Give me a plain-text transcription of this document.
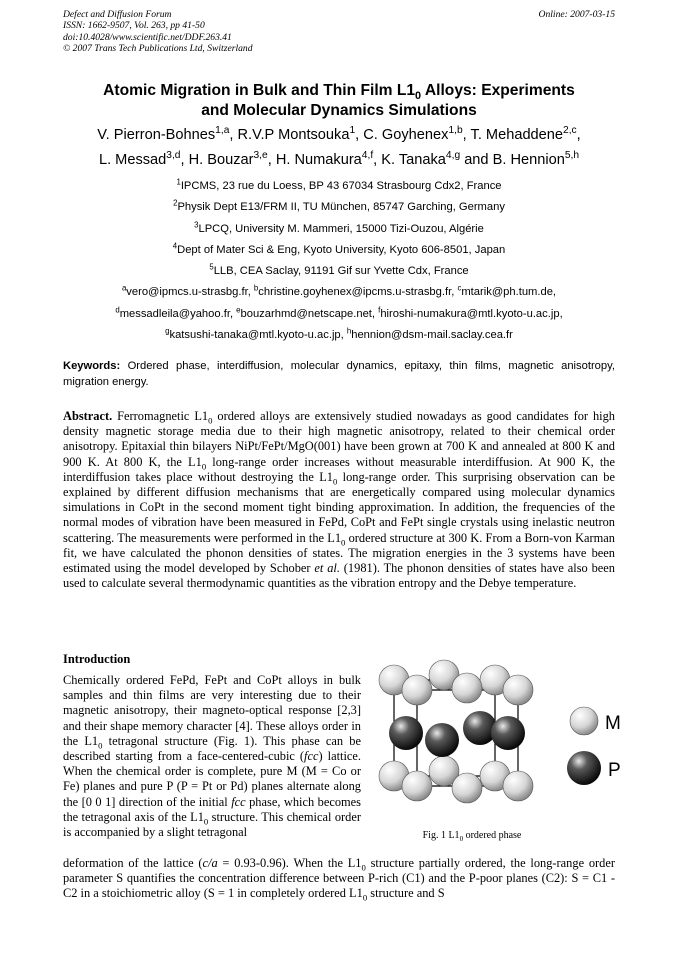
Defect and Diffusion Forum
ISSN: 1662-9507, Vol. 263, pp 41-50
doi:10.4028/www.scientific.net/DDF.263.41
© 2007 Trans Tech Publications Ltd, Switzerland
Online: 2007-03-15
Atomic Migration in Bulk and Thin Film $L1_0$ Alloys: Experiments
and Molecular Dynamics Simulations
V. Pierron-Bohnes$^{1,a}$, R.V.P Montsouka$^1$, C. Goyhenex$^{1,b}$, T. Mehaddene$^{2,c}$,
L. Messad$^{3,d}$, H. Bouzar$^{3,e}$, H. Numakura$^{4,f}$, K. Tanaka$^{4,g}$ and B. Hennion$^{5,h}$
$^1$IPCMS, 23 rue du Loess, BP 43 67034 Strasbourg Cdx2, France
$^2$Physik Dept E13/FRM II, TU München, 85747 Garching, Germany
$^3$LPCQ, University M. Mammeri, 15000 Tizi-Ouzou, Algérie
$^4$Dept of Mater Sci & Eng, Kyoto University, Kyoto 606-8501, Japan
$^5$LLB, CEA Saclay, 91191 Gif sur Yvette Cdx, France
$^a$vero@ipmcs.u-strasbg.fr, $^b$christine.goyhenex@ipcms.u-strasbg.fr, $^c$mtarik@ph.tum.de,
$^d$messadleila@yahoo.fr, $^e$bouzarhmd@netscape.net, $^f$hiroshi-numakura@mtl.kyoto-u.ac.jp,
$^g$katsushi-tanaka@mtl.kyoto-u.ac.jp, $^h$hennion@dsm-mail.saclay.cea.fr
Keywords: Ordered phase, interdiffusion, molecular dynamics, epitaxy, thin films, magnetic anisotropy, migration energy.
Abstract. Ferromagnetic $L1_0$ ordered alloys are extensively studied nowadays as good candidates for high density magnetic storage media due to their high magnetic anisotropy, related to their chemical order anisotropy. Epitaxial thin bilayers NiPt/FePt/MgO(001) have been grown at 700 K and annealed at 800 K and 900 K. At 800 K, the $L1_0$ long-range order increases without measurable interdiffusion. At 900 K, the interdiffusion takes place without destroying the $L1_0$ long-range order. This surprising observation can be explained by different diffusion mechanisms that are energetically compared using molecular dynamics simulations in CoPt in the second moment tight binding approximation. In addition, the frequencies of the normal modes of vibration have been measured in FePd, CoPt and FePt single crystals using inelastic neutron scattering. The measurements were performed in the $L1_0$ ordered structure at 300 K. From a Born-von Karman fit, we have calculated the phonon densities of states. The migration energies in the 3 systems have been estimated using the model developed by Schober et al. (1981). The phonon densities of states have also been used to calculate several thermodynamic quantities as the vibration entropy and the Debye temperature.
Introduction
Chemically ordered FePd, FePt and CoPt alloys in bulk samples and thin films are very interesting due to their magnetic anisotropy, their magneto-optical response [2,3] and their shape memory character [4]. These alloys order in the $L1_0$ tetragonal structure (Fig. 1). This phase can be described starting from a face-centered-cubic (fcc) lattice. When the chemical order is complete, pure M (M = Co or Fe) planes and pure P (P = Pt or Pd) planes alternate along the [0 0 1] direction of the initial fcc phase, which becomes the tetragonal axis of the $L1_0$ structure. This chemical order is accompanied by a slight tetragonal
deformation of the lattice (c/a = 0.93-0.96). When the $L1_0$ structure partially ordered, the long-range order parameter S quantifies the concentration difference between P-rich (C1) and the P-poor planes (C2): S = C1 - C2 in a stoichiometric alloy (S = 1 in completely ordered $L1_0$ structure and S
M
P
Fig. 1 $L1_0$ ordered phase
